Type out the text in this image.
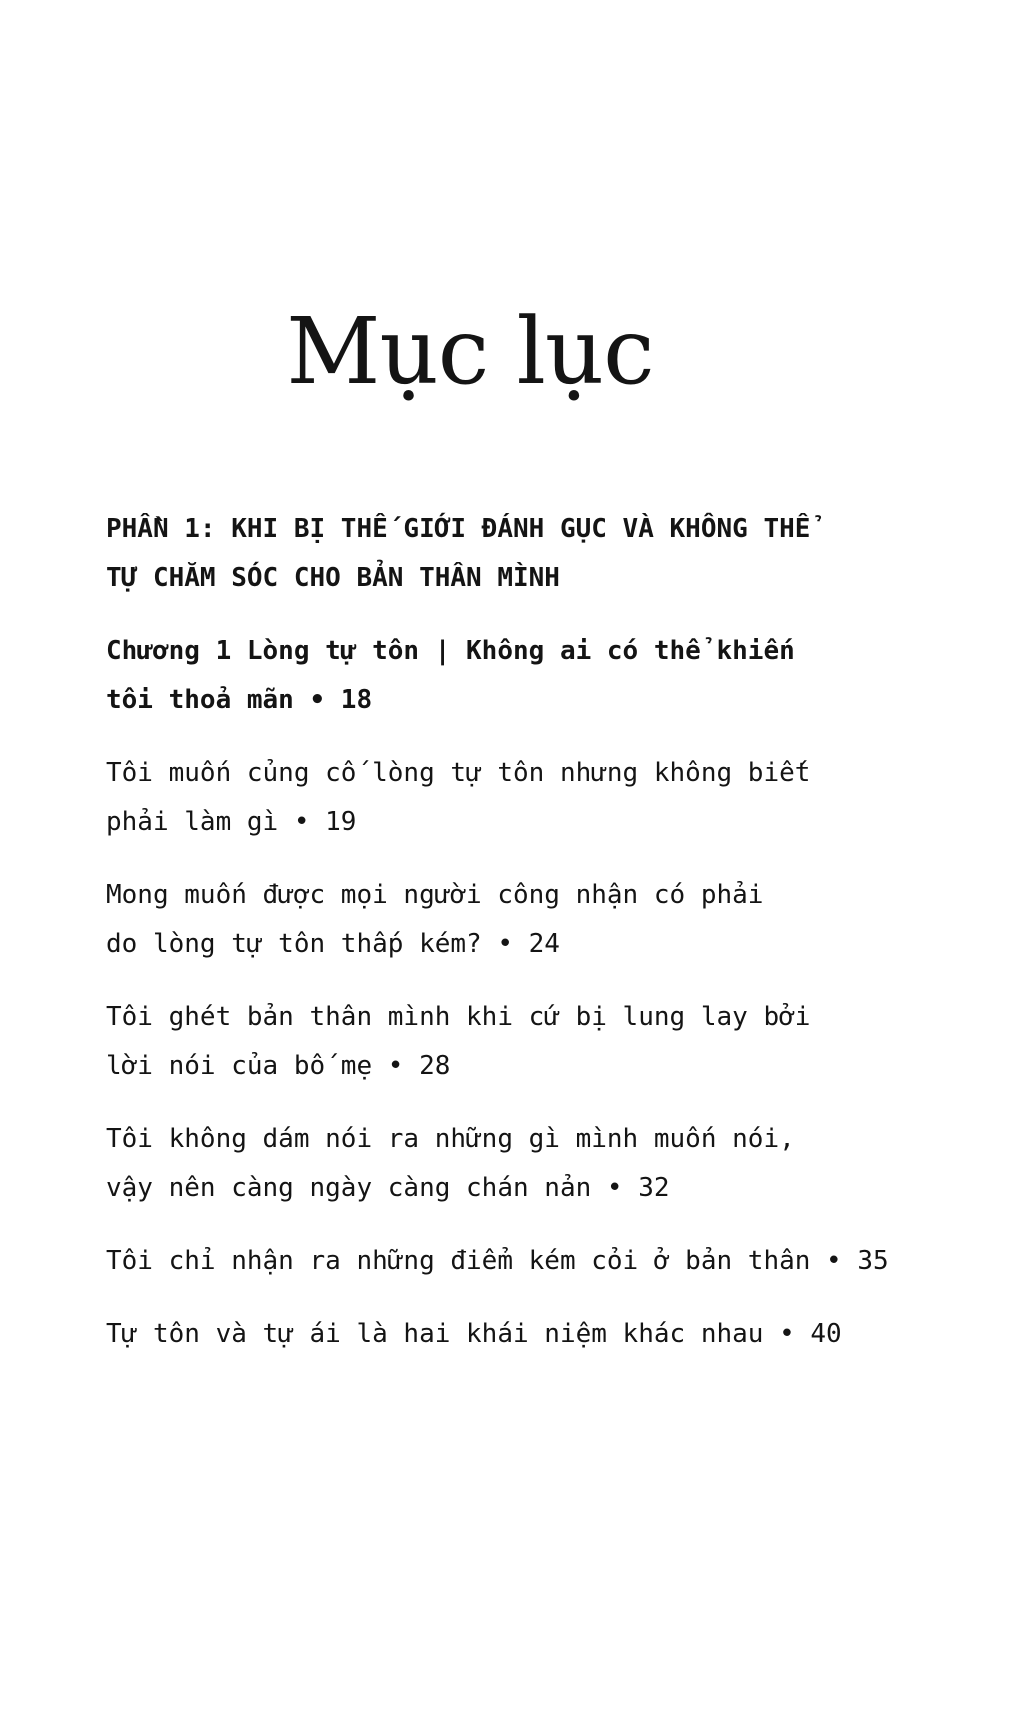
Mục lục
PHẦN 1: KHI BỊ THẾ GIỚI ĐÁNH GỤC VÀ KHÔNG THỂ
TỰ CHĂM SÓC CHO BẢN THÂN MÌNH
Chương 1 Lòng tự tôn | Không ai có thể khiến
tôi thoả mãn • 18
Tôi muốn củng cố lòng tự tôn nhưng không biết
phải làm gì • 19
Mong muốn được mọi người công nhận có phải
do lòng tự tôn thấp kém? • 24
Tôi ghét bản thân mình khi cứ bị lung lay bởi
lời nói của bố mẹ • 28
Tôi không dám nói ra những gì mình muốn nói,
vậy nên càng ngày càng chán nản • 32
Tôi chỉ nhận ra những điểm kém cỏi ở bản thân • 35
Tự tôn và tự ái là hai khái niệm khác nhau • 40
